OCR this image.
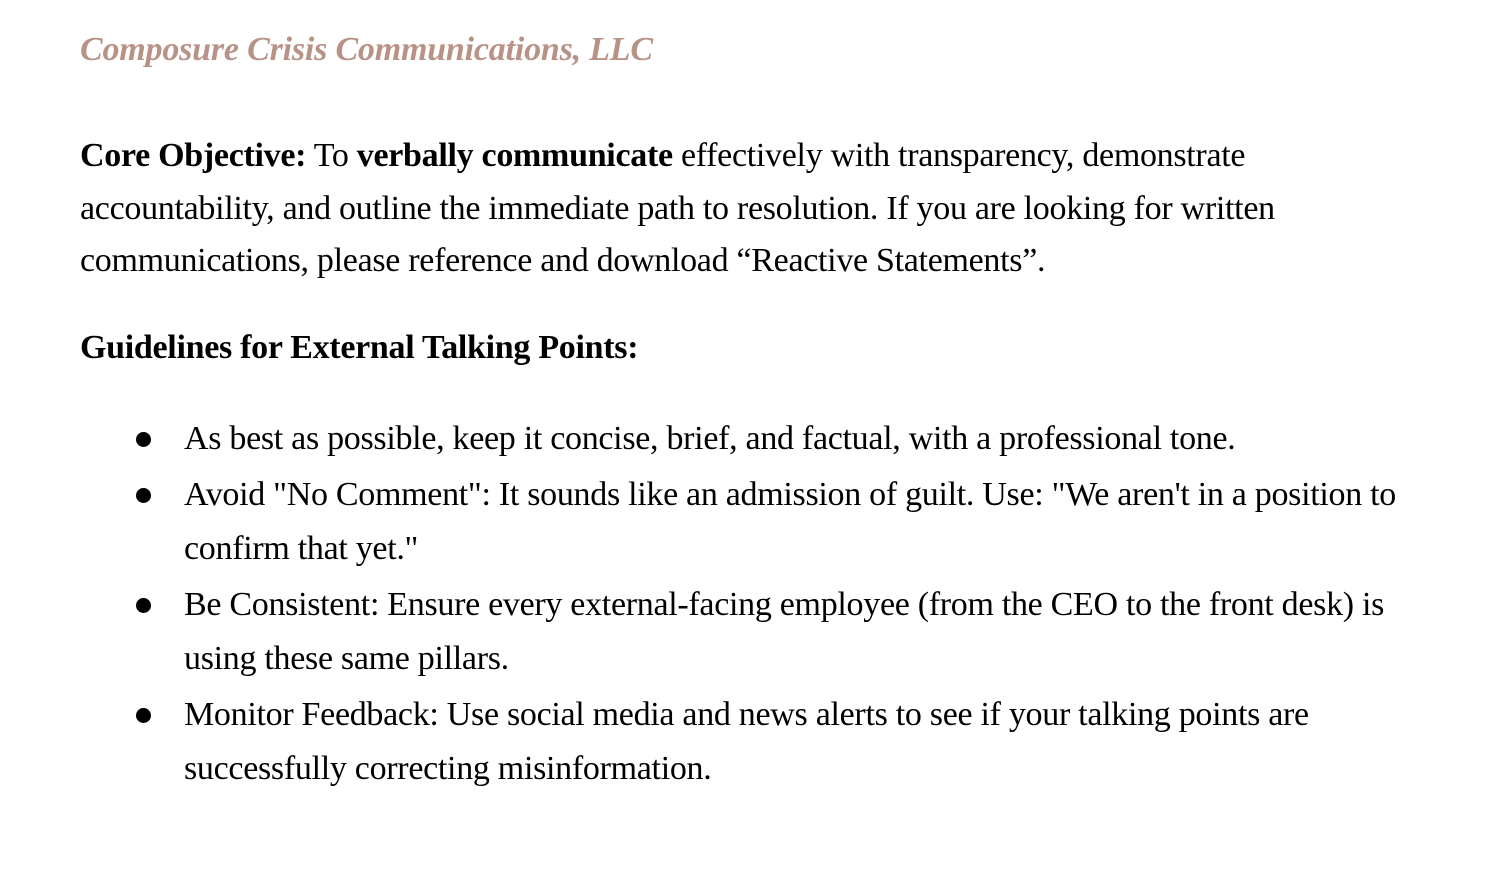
Composure Crisis Communications, LLC

Core Objective: To verbally communicate effectively with transparency, demonstrate accountability, and outline the immediate path to resolution. If you are looking for written communications, please reference and download “Reactive Statements”.

Guidelines for External Talking Points:

As best as possible, keep it concise, brief, and factual, with a professional tone.
Avoid "No Comment": It sounds like an admission of guilt. Use: "We aren't in a position to confirm that yet."
Be Consistent: Ensure every external-facing employee (from the CEO to the front desk) is using these same pillars.
Monitor Feedback: Use social media and news alerts to see if your talking points are successfully correcting misinformation.
